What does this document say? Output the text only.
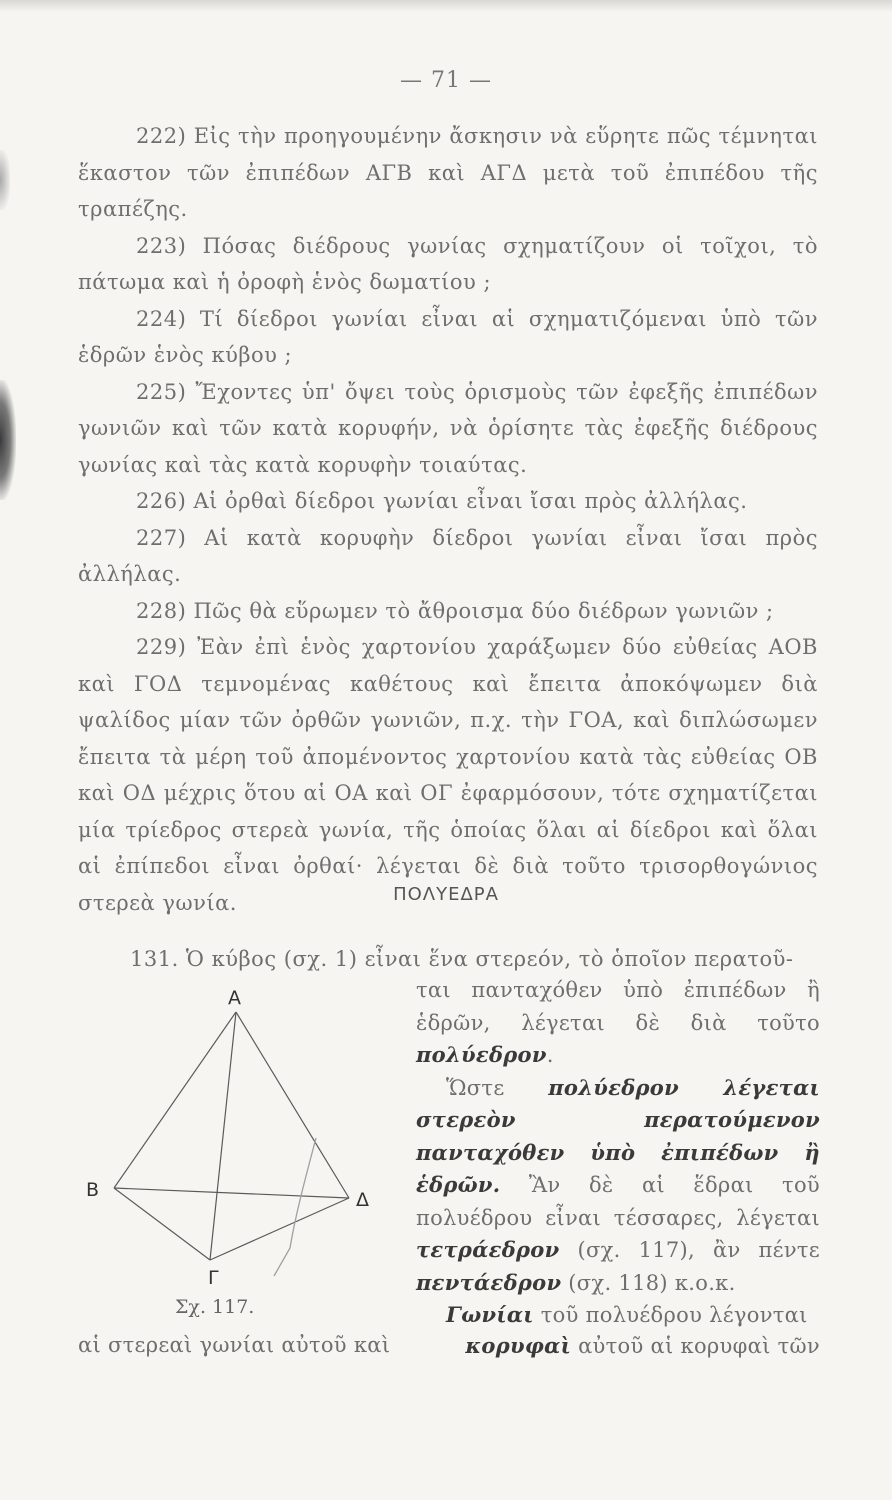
— 71 —

222) Εἰς τὴν προηγουμένην ἄσκησιν νὰ εὕρητε πῶς τέμνηται ἕκαστον τῶν ἐπιπέδων ΑΓΒ καὶ ΑΓΔ μετὰ τοῦ ἐπιπέδου τῆς τραπέζης.

223) Πόσας διέδρους γωνίας σχηματίζουν οἱ τοῖχοι, τὸ πάτωμα καὶ ἡ ὀροφὴ ἑνὸς δωματίου ;

224) Τί δίεδροι γωνίαι εἶναι αἱ σχηματιζόμεναι ὑπὸ τῶν ἑδρῶν ἑνὸς κύβου ;

225) Ἔχοντες ὑπ' ὄψει τοὺς ὁρισμοὺς τῶν ἐφεξῆς ἐπιπέδων γωνιῶν καὶ τῶν κατὰ κορυφήν, νὰ ὁρίσητε τὰς ἐφεξῆς διέδρους γωνίας καὶ τὰς κατὰ κορυφὴν τοιαύτας.

226) Αἱ ὀρθαὶ δίεδροι γωνίαι εἶναι ἴσαι πρὸς ἀλλήλας.

227) Αἱ κατὰ κορυφὴν δίεδροι γωνίαι εἶναι ἴσαι πρὸς ἀλλήλας.

228) Πῶς θὰ εὕρωμεν τὸ ἄθροισμα δύο διέδρων γωνιῶν ;

229) Ἐὰν ἐπὶ ἑνὸς χαρτονίου χαράξωμεν δύο εὐθείας ΑΟΒ καὶ ΓΟΔ τεμνομένας καθέτους καὶ ἔπειτα ἀποκόψωμεν διὰ ψαλίδος μίαν τῶν ὀρθῶν γωνιῶν, π.χ. τὴν ΓΟΑ, καὶ διπλώσωμεν ἔπειτα τὰ μέρη τοῦ ἀπομένοντος χαρτονίου κατὰ τὰς εὐθείας ΟΒ καὶ ΟΔ μέχρις ὅτου αἱ ΟΑ καὶ ΟΓ ἐφαρμόσουν, τότε σχηματίζεται μία τρίεδρος στερεὰ γωνία, τῆς ὁποίας ὅλαι αἱ δίεδροι καὶ ὅλαι αἱ ἐπίπεδοι εἶναι ὀρθαί· λέγεται δὲ διὰ τοῦτο τρισορθογώνιος στερεὰ γωνία.	ΠΟΛΥΕΔΡΑ
131. Ὁ κύβος (σχ. 1) εἶναι ἕνα στερεόν, τὸ ὁποῖον περατοῦ-

ται πανταχόθεν ὑπὸ ἐπιπέδων ἢ ἑδρῶν, λέγεται δὲ διὰ τοῦτο πολύεδρον.

Ὥστε πολύεδρον λέγεται στερεὸν περατούμενον πανταχόθεν ὑπὸ ἐπιπέδων ἢ ἑδρῶν. Ἂν δὲ αἱ ἕδραι τοῦ πολυέδρου εἶναι τέσσαρες, λέγεται τετράεδρον (σχ. 117), ἂν πέντε πεντάεδρον (σχ. 118) κ.ο.κ.

Γωνίαι τοῦ πολυέδρου λέγονται

Α
Β
Γ
Δ
Σχ. 117.
αἱ στερεαὶ γωνίαι αὐτοῦ καὶ	κορυφαὶ αὐτοῦ αἱ κορυφαὶ τῶν
